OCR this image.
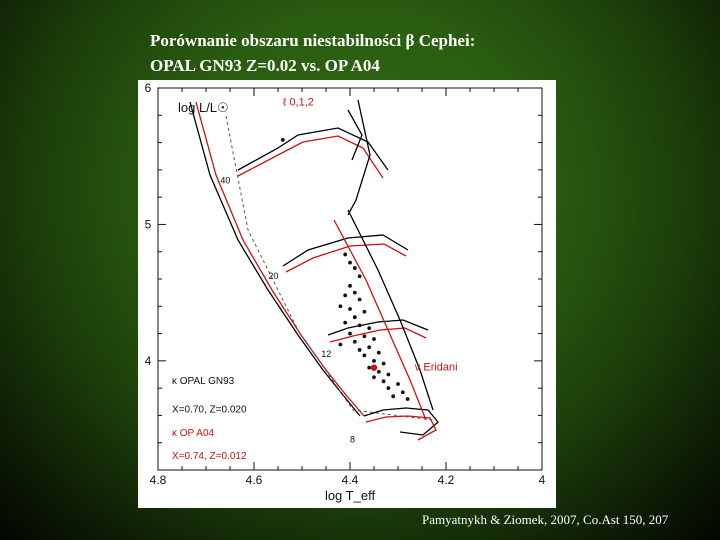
Porównanie obszaru niestabilności β Cephei:
OPAL GN93 Z=0.02 vs. OP A04
4.8	4.6	4.4	4.2	4
6
5
4
log T_eff
log L/L☉	ℓ 0,1,2
ν Eridani
40
20
12
8
κ OPAL GN93
X=0.70, Z=0.020
κ OP A04
X=0.74, Z=0.012
Pamyatnykh & Ziomek, 2007, Co.Ast 150, 207
